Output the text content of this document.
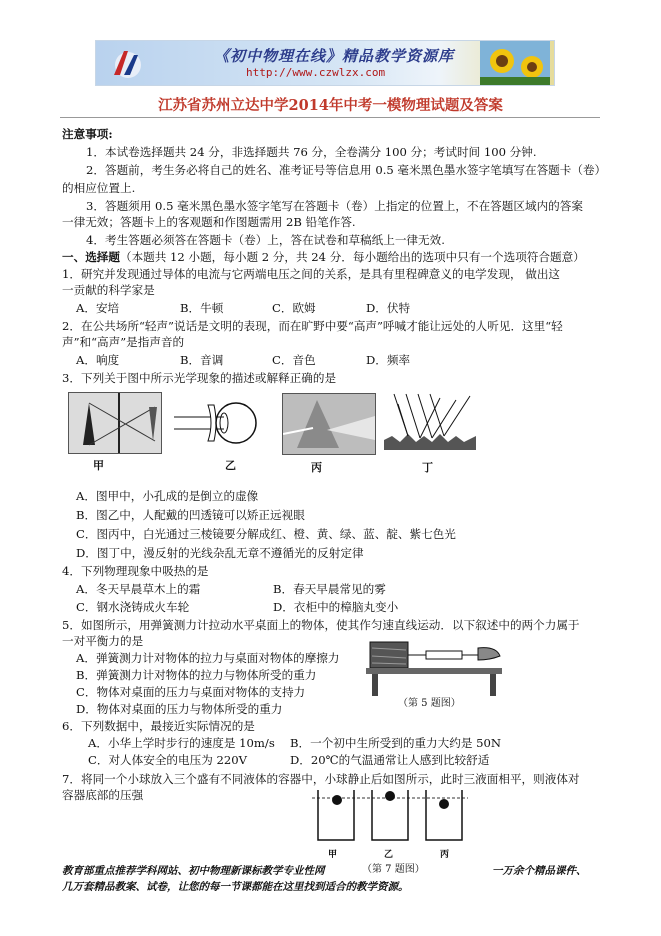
《初中物理在线》精品教学资源库
http://www.czwlzx.com
江苏省苏州立达中学2014年中考一模物理试题及答案
注意事项:
1．本试卷选择题共 24 分，非选择题共 76 分，全卷满分 100 分；考试时间 100 分钟.
2．答题前，考生务必将自己的姓名、准考证号等信息用 0.5 毫米黑色墨水签字笔填写在答题卡（卷）
的相应位置上.
3．答题须用 0.5 毫米黑色墨水签字笔写在答题卡（卷）上指定的位置上，不在答题区域内的答案
一律无效；答题卡上的客观题和作图题需用 2B 铅笔作答.
4．考生答题必须答在答题卡（卷）上，答在试卷和草稿纸上一律无效.
一、选择题（本题共 12 小题，每小题 2 分，共 24 分．每小题给出的选项中只有一个选项符合题意）
1．研究并发现通过导体的电流与它两端电压之间的关系，是具有里程碑意义的电学发现， 做出这
一贡献的科学家是
A．安培	B．牛顿	C．欧姆	D．伏特
2．在公共场所“轻声”说话是文明的表现，而在旷野中要“高声”呼喊才能让远处的人听见．这里“轻
声”和“高声”是指声音的
A．响度	B．音调	C．音色	D．频率
3．下列关于图中所示光学现象的描述或解释正确的是
甲	乙	丙	丁
A．图甲中，小孔成的是倒立的虚像
B．图乙中，人配戴的凹透镜可以矫正远视眼
C．图丙中，白光通过三棱镜要分解成红、橙、黄、绿、蓝、靛、紫七色光
D．图丁中，漫反射的光线杂乱无章不遵循光的反射定律
4．下列物理现象中吸热的是
A．冬天早晨草木上的霜	B．春天早晨常见的雾
C．钢水浇铸成火车轮	D．衣柜中的樟脑丸变小
5．如图所示，用弹簧测力计拉动水平桌面上的物体，使其作匀速直线运动．以下叙述中的两个力属于
一对平衡力的是
A．弹簧测力计对物体的拉力与桌面对物体的摩擦力
B．弹簧测力计对物体的拉力与物体所受的重力
C．物体对桌面的压力与桌面对物体的支持力
D．物体对桌面的压力与物体所受的重力	（第 5 题图）
6．下列数据中，最接近实际情况的是
A．小华上学时步行的速度是 10m/s B．一个初中生所受到的重力大约是 50N
C．对人体安全的电压为 220V	D．20℃的气温通常让人感到比较舒适
7．将同一个小球放入三个盛有不同液体的容器中，小球静止后如图所示，此时三液面相平，则液体对
容器底部的压强
甲	乙	丙
（第 7 题图）
教育部重点推荐学科网站、初中物理新课标教学专业性网	一万余个精品课件、
几万套精品教案、试卷，让您的每一节课都能在这里找到适合的教学资源。
